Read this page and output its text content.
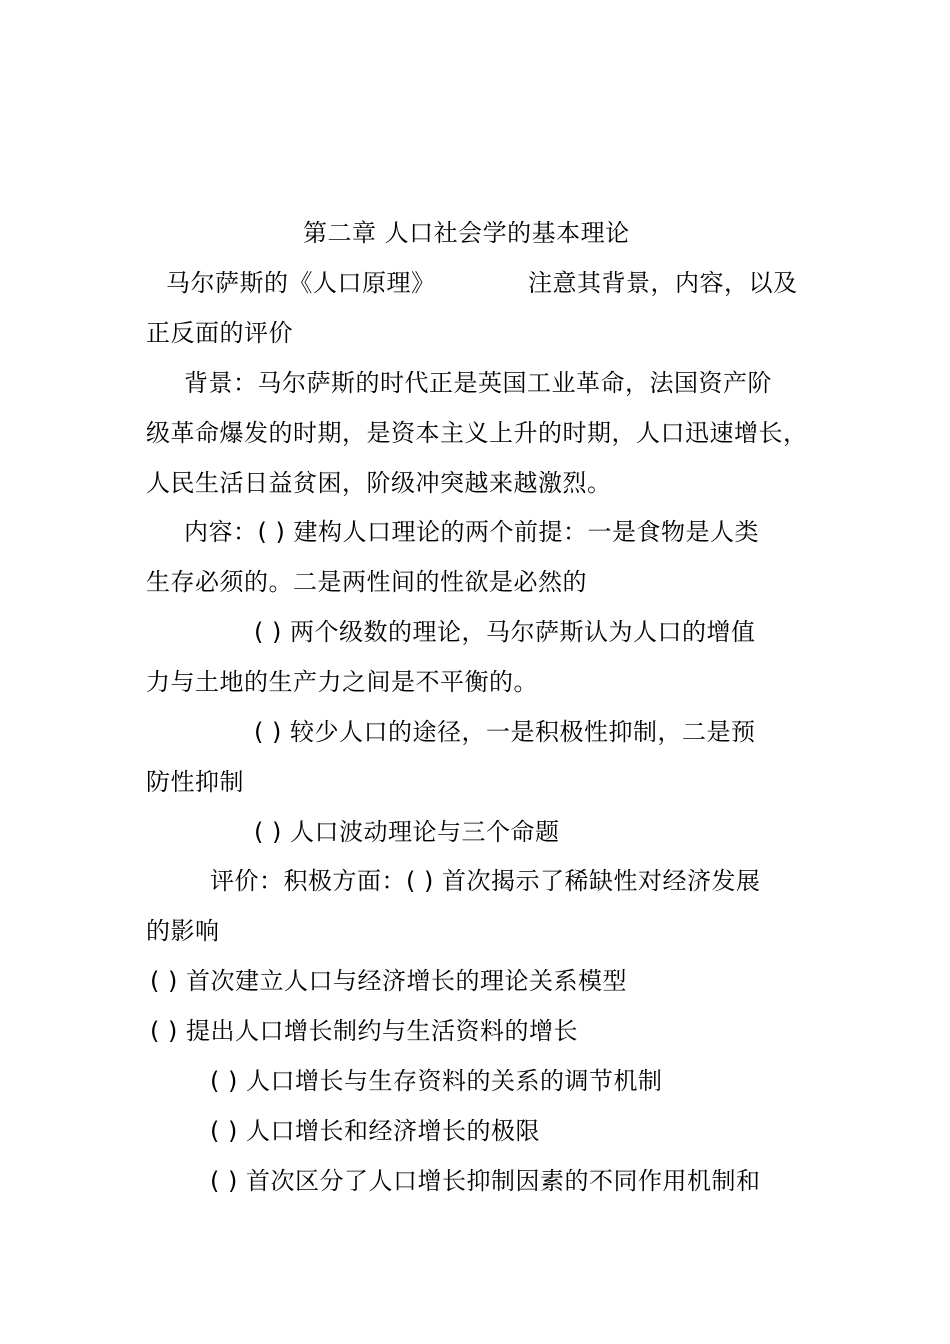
第二章 人口社会学的基本理论
马尔萨斯的《人口原理》	注意其背景，内容，以及
正反面的评价
背景：马尔萨斯的时代正是英国工业革命，法国资产阶
级革命爆发的时期，是资本主义上升的时期，人口迅速增长，
人民生活日益贫困，阶级冲突越来越激烈。
内容：( ) 建构人口理论的两个前提：一是食物是人类
生存必须的。二是两性间的性欲是必然的
( ) 两个级数的理论，马尔萨斯认为人口的增值
力与土地的生产力之间是不平衡的。
( ) 较少人口的途径，一是积极性抑制，二是预
防性抑制
( ) 人口波动理论与三个命题
评价：积极方面：( ) 首次揭示了稀缺性对经济发展
的影响
( ) 首次建立人口与经济增长的理论关系模型
( ) 提出人口增长制约与生活资料的增长
( ) 人口增长与生存资料的关系的调节机制
( ) 人口增长和经济增长的极限
( ) 首次区分了人口增长抑制因素的不同作用机制和
